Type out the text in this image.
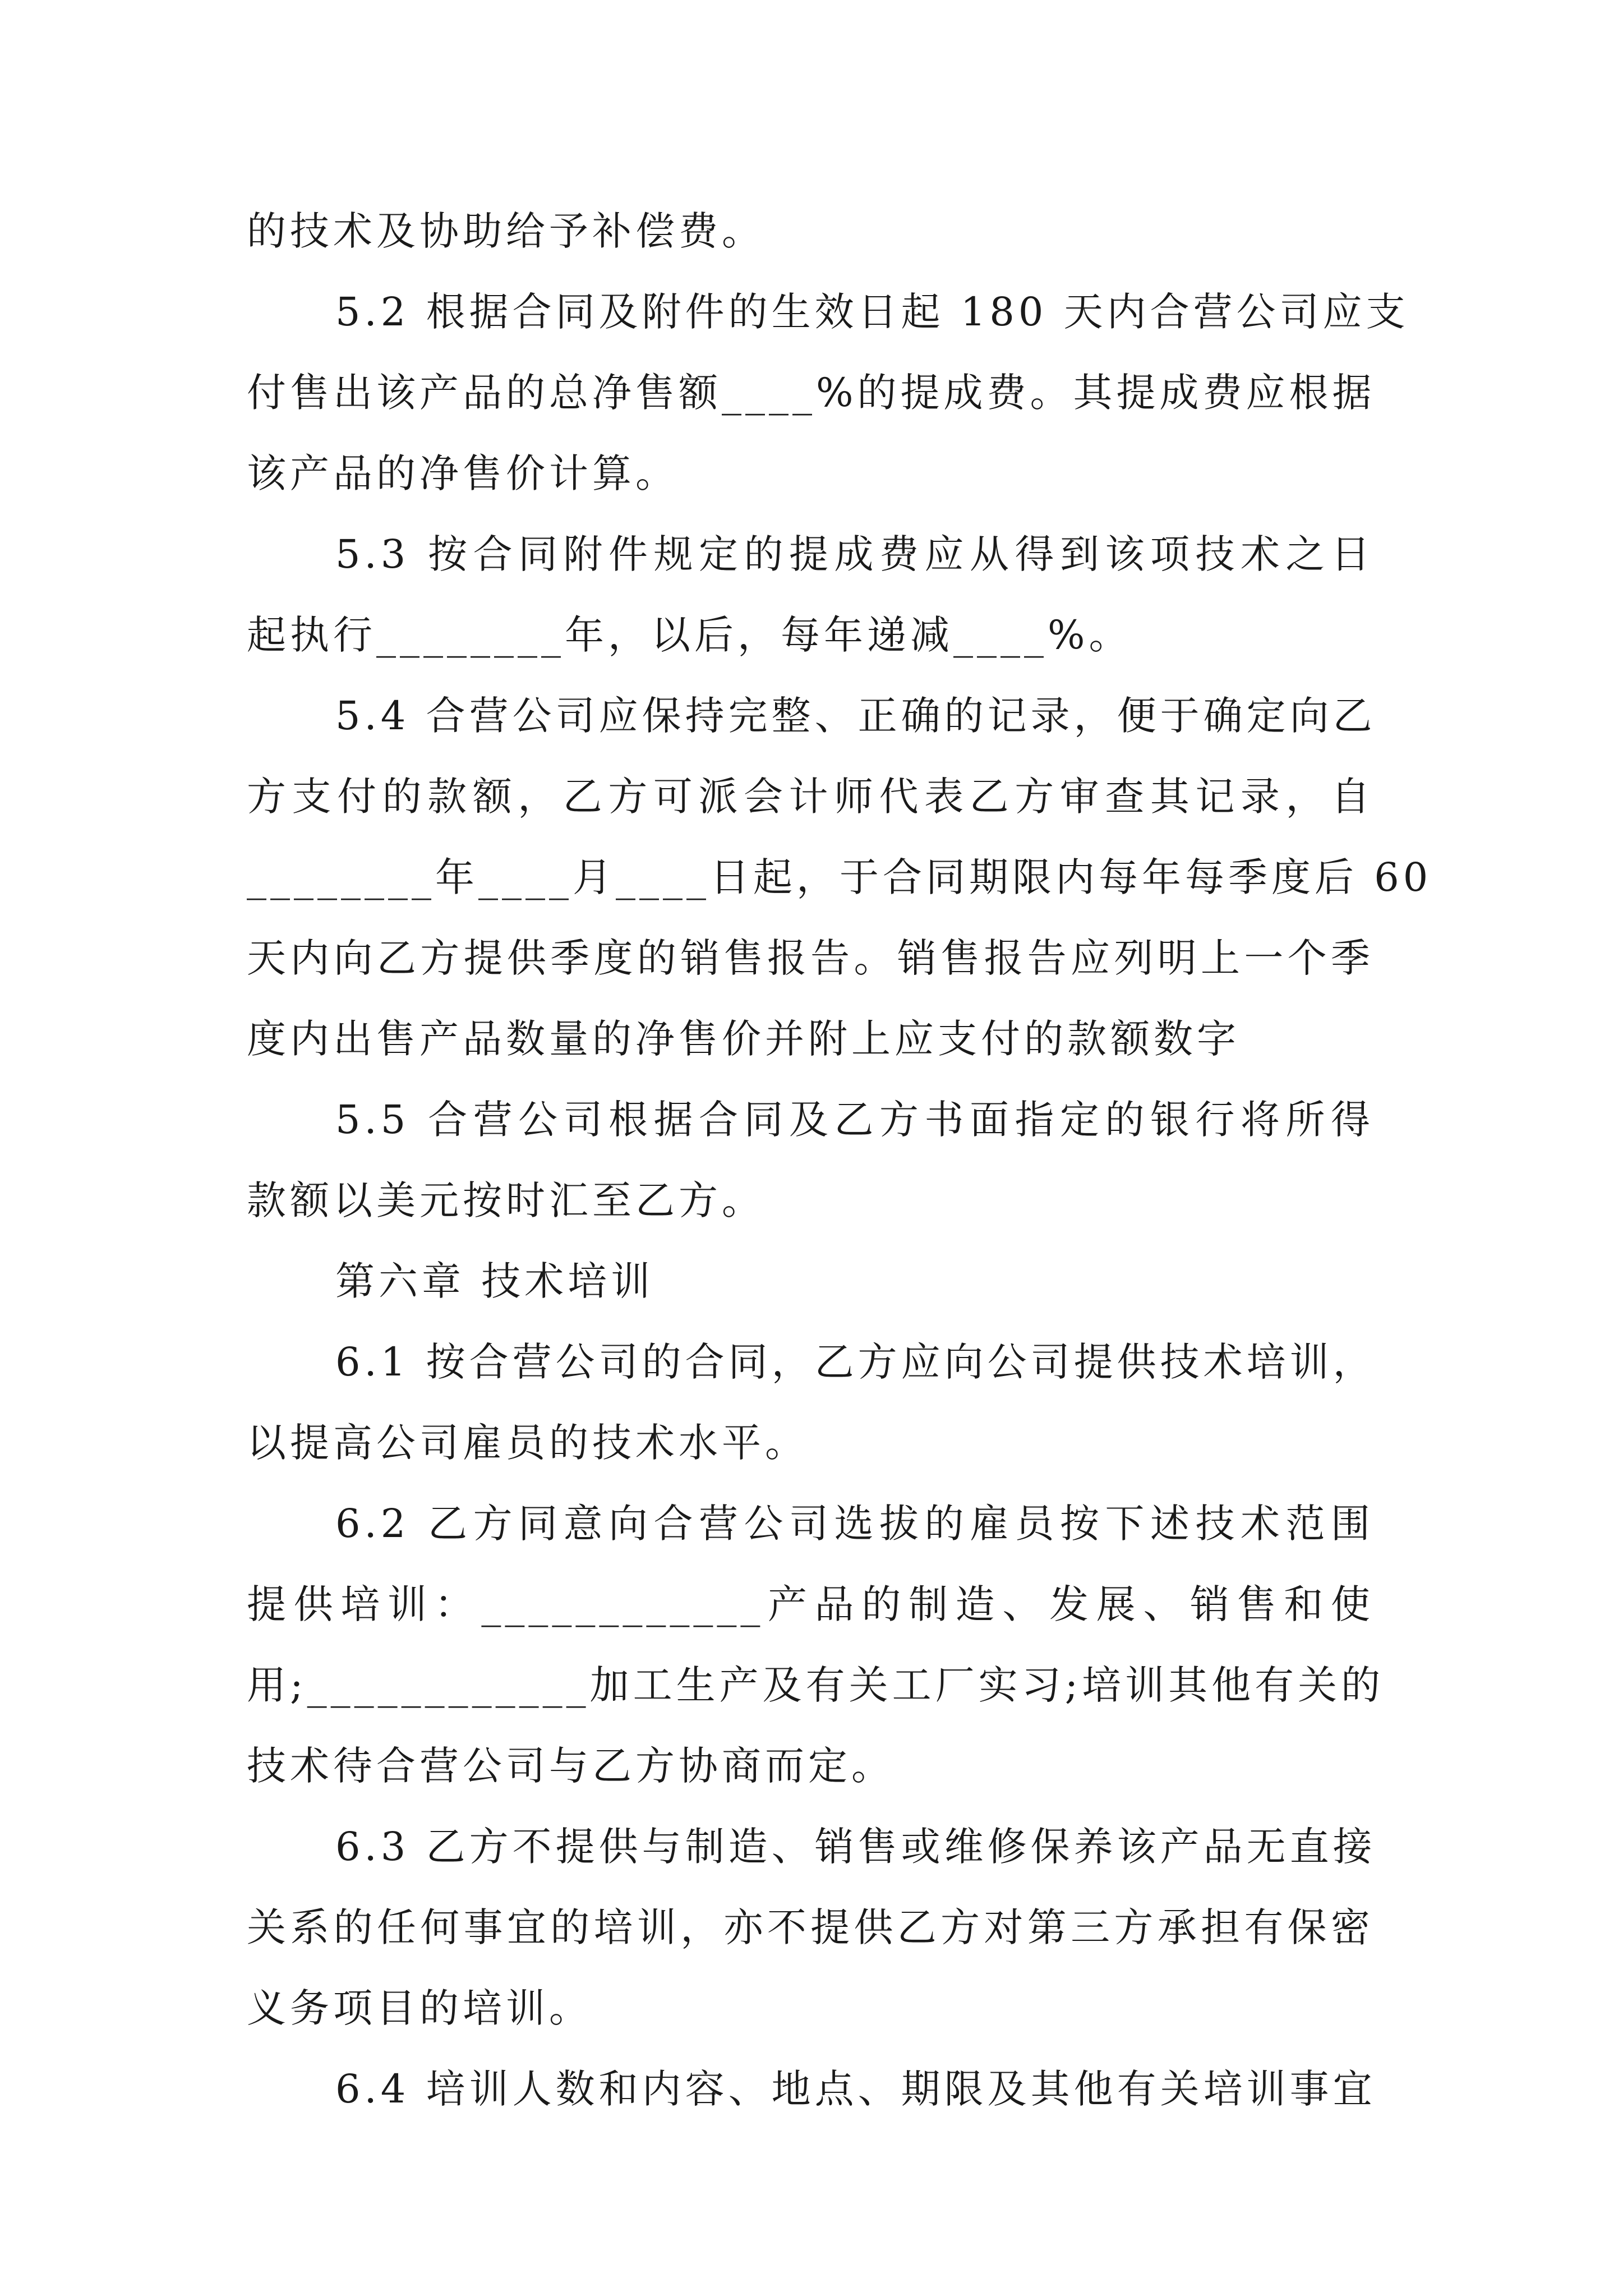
的技术及协助给予补偿费。
5.2 根据合同及附件的生效日起 180 天内合营公司应支
付售出该产品的总净售额____%的提成费。其提成费应根据
该产品的净售价计算。
5.3 按合同附件规定的提成费应从得到该项技术之日
起执行________年，以后，每年递减____%。
5.4 合营公司应保持完整、正确的记录，便于确定向乙
方支付的款额，乙方可派会计师代表乙方审查其记录，自
________年____月____日起，于合同期限内每年每季度后 60
天内向乙方提供季度的销售报告。销售报告应列明上一个季
度内出售产品数量的净售价并附上应支付的款额数字
5.5 合营公司根据合同及乙方书面指定的银行将所得
款额以美元按时汇至乙方。
第六章 技术培训
6.1 按合营公司的合同，乙方应向公司提供技术培训，
以提高公司雇员的技术水平。
6.2 乙方同意向合营公司选拔的雇员按下述技术范围
提供培训：____________产品的制造、发展、销售和使
用;____________加工生产及有关工厂实习;培训其他有关的
技术待合营公司与乙方协商而定。
6.3 乙方不提供与制造、销售或维修保养该产品无直接
关系的任何事宜的培训，亦不提供乙方对第三方承担有保密
义务项目的培训。
6.4 培训人数和内容、地点、期限及其他有关培训事宜
